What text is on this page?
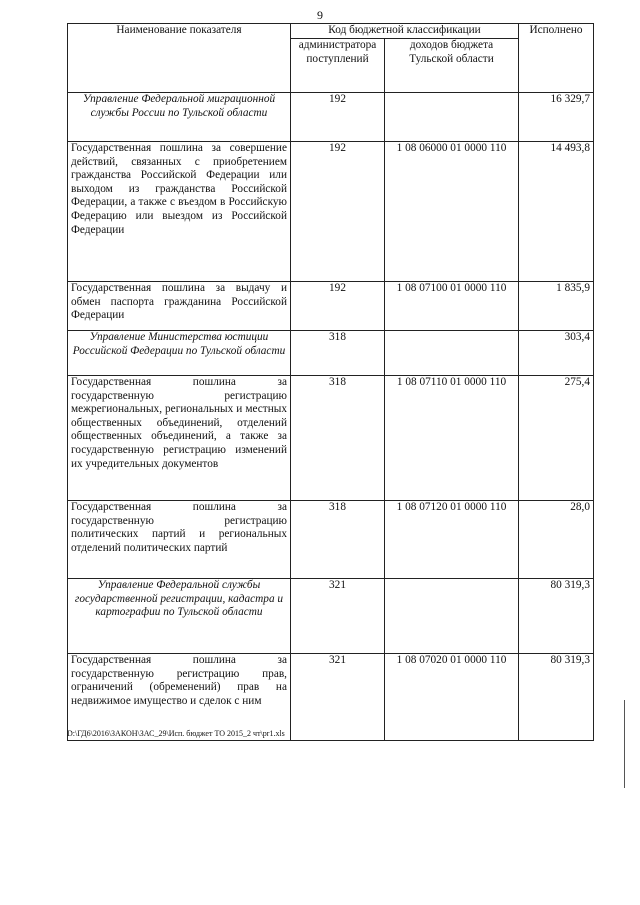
9
Наименование показателя	Код бюджетной классификации		Исполнено
	администратора поступлений	доходов бюджета Тульской области	

Управление Федеральной миграционной службы России по Тульской области	192		16 329,7

Государственная пошлина за совершение действий, связанных с приобретением гражданства Российской Федерации или выходом из гражданства Российской Федерации, а также с въездом в Российскую Федерацию или выездом из Российской Федерации	192	1 08 06000 01 0000 110	14 493,8

Государственная пошлина за выдачу и обмен паспорта гражданина Российской Федерации	192	1 08 07100 01 0000 110	1 835,9

Управление Министерства юстиции Российской Федерации по Тульской области	318		303,4

Государственная пошлина за государственную регистрацию межрегиональных, региональных и местных общественных объединений, отделений общественных объединений, а также за государственную регистрацию изменений их учредительных документов	318	1 08 07110 01 0000 110	275,4

Государственная пошлина за государственную регистрацию политических партий и региональных отделений политических партий	318	1 08 07120 01 0000 110	28,0

Управление Федеральной службы государственной регистрации, кадастра и картографии по Тульской области	321		80 319,3

Государственная пошлина за государственную регистрацию прав, ограничений (обременений) прав на недвижимое имущество и сделок с ним	321	1 08 07020 01 0000 110	80 319,3
D:\ГД6\2016\ЗАКОН\ЗАС_29\Исп. бюджет ТО 2015_2 чт\pr1.xls
